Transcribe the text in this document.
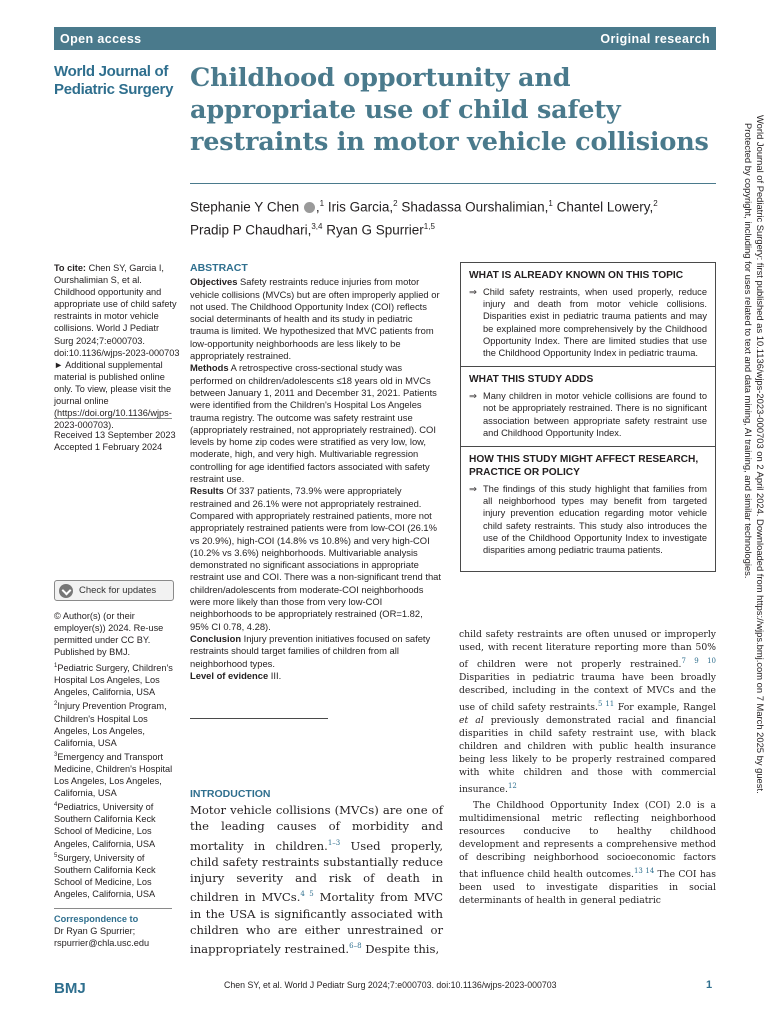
Open access	Original research
World Journal of
Pediatric Surgery Childhood opportunity and appropriate use of child safety restraints in motor vehicle collisions
Stephanie Y Chen ,$^1$ Iris Garcia,$^2$ Shadassa Ourshalimian,$^1$ Chantel Lowery,$^2$
Pradip P Chaudhari,$^{3,4}$ Ryan G Spurrier$^{1,5}$
To cite: Chen SY, Garcia I, Ourshalimian S, et al. Childhood opportunity and appropriate use of child safety restraints in motor vehicle collisions. World J Pediatr Surg 2024;7:e000703. doi:10.1136/wjps-2023-000703
► Additional supplemental material is published online only. To view, please visit the journal online (https://doi.org/10.1136/wjps-2023-000703).
Received 13 September 2023
Accepted 1 February 2024
Check for updates
© Author(s) (or their employer(s)) 2024. Re-use permitted under CC BY. Published by BMJ.
$^1$Pediatric Surgery, Children's Hospital Los Angeles, Los Angeles, California, USA
$^2$Injury Prevention Program, Children's Hospital Los Angeles, Los Angeles, California, USA
$^3$Emergency and Transport Medicine, Children's Hospital Los Angeles, Los Angeles, California, USA
$^4$Pediatrics, University of Southern California Keck School of Medicine, Los Angeles, California, USA
$^5$Surgery, University of Southern California Keck School of Medicine, Los Angeles, California, USA
Correspondence to
Dr Ryan G Spurrier; rspurrier@chla.usc.edu
ABSTRACT
Objectives Safety restraints reduce injuries from motor vehicle collisions (MVCs) but are often improperly applied or not used. The Childhood Opportunity Index (COI) reflects social determinants of health and its study in pediatric trauma is limited. We hypothesized that MVC patients from low-opportunity neighborhoods are less likely to be appropriately restrained.
Methods A retrospective cross-sectional study was performed on children/adolescents ≤18 years old in MVCs between January 1, 2011 and December 31, 2021. Patients were identified from the Children's Hospital Los Angeles trauma registry. The outcome was safety restraint use (appropriately restrained, not appropriately restrained). COI levels by home zip codes were stratified as very low, low, moderate, high, and very high. Multivariable regression controlling for age identified factors associated with safety restraint use.
Results Of 337 patients, 73.9% were appropriately restrained and 26.1% were not appropriately restrained. Compared with appropriately restrained patients, more not appropriately restrained patients were from low-COI (26.1% vs 20.9%), high-COI (14.8% vs 10.8%) and very high-COI (10.2% vs 3.6%) neighborhoods. Multivariable analysis demonstrated no significant associations in appropriate restraint use and COI. There was a non-significant trend that children/adolescents from moderate-COI neighborhoods were more likely than those from very low-COI neighborhoods to be appropriately restrained (OR=1.82, 95% CI 0.78, 4.28).
Conclusion Injury prevention initiatives focused on safety restraints should target families of children from all neighborhood types.
Level of evidence III.
WHAT IS ALREADY KNOWN ON THIS TOPIC
⇒ Child safety restraints, when used properly, reduce injury and death from motor vehicle collisions. Disparities exist in pediatric trauma patients and may be explained more comprehensively by the Childhood Opportunity Index. There are limited studies that use the Childhood Opportunity Index in pediatric trauma.
WHAT THIS STUDY ADDS
⇒ Many children in motor vehicle collisions are found to not be appropriately restrained. There is no significant association between appropriate safety restraint use and Childhood Opportunity Index.
HOW THIS STUDY MIGHT AFFECT RESEARCH, PRACTICE OR POLICY
⇒ The findings of this study highlight that families from all neighborhood types may benefit from targeted injury prevention education regarding motor vehicle child safety restraints. This study also introduces the use of the Childhood Opportunity Index to investigate disparities among pediatric trauma patients.
INTRODUCTION
Motor vehicle collisions (MVCs) are one of the leading causes of morbidity and mortality in children.$^{1-3}$ Used properly, child safety restraints substantially reduce injury severity and risk of death in children in MVCs.$^{4 5}$ Mortality from MVC in the USA is significantly associated with children who are either unrestrained or inappropriately restrained.$^{6-8}$ Despite this,
child safety restraints are often unused or improperly used, with recent literature reporting more than 50% of children were not properly restrained.$^{7 9 10}$ Disparities in pediatric trauma have been broadly described, including in the context of MVCs and the use of child safety restraints.$^{5 11}$ For example, Rangel et al previously demonstrated racial and financial disparities in child safety restraint use, with black children and children with public health insurance being less likely to be properly restrained compared with white children and those with commercial insurance.$^{12}$
The Childhood Opportunity Index (COI) 2.0 is a multidimensional metric reflecting neighborhood resources conducive to healthy childhood development and represents a comprehensive method of describing neighborhood socioeconomic factors that influence child health outcomes.$^{13 14}$ The COI has been used to investigate disparities in social determinants of health in general pediatric
World Journal of Pediatric Surgery: first published as 10.1136/wjps-2023-000703 on 2 April 2024. Downloaded from https://wjps.bmj.com on 7 March 2025 by guest.
Protected by copyright, including for uses related to text and data mining, AI training, and similar technologies.
BMJ	Chen SY, et al. World J Pediatr Surg 2024;7:e000703. doi:10.1136/wjps-2023-000703	1
